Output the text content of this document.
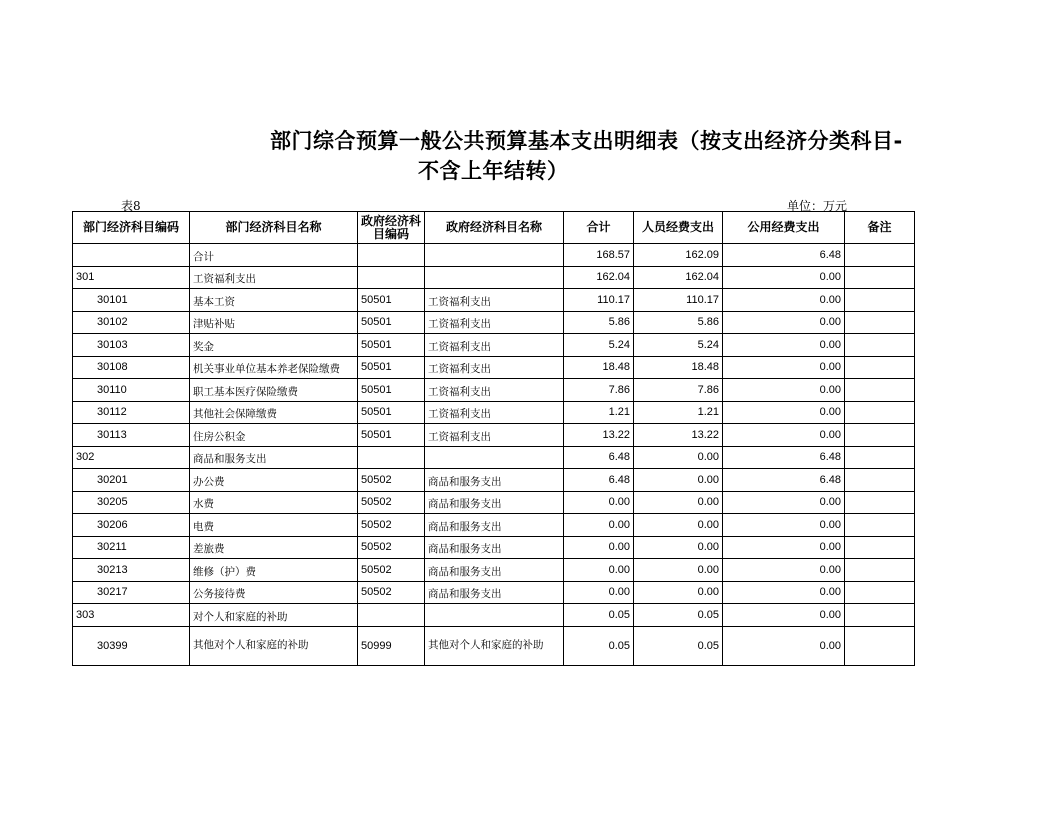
部门综合预算一般公共预算基本支出明细表（按支出经济分类科目-
不含上年结转）
表8	单位：万元
部门经济科目编码	部门经济科目名称	政府经济科目编码	政府经济科目名称	合计	人员经费支出	公用经费支出	备注
	合计			168.57	162.09	6.48	
301	工资福利支出			162.04	162.04	0.00	
30101	基本工资	50501	工资福利支出	110.17	110.17	0.00	
30102	津贴补贴	50501	工资福利支出	5.86	5.86	0.00	
30103	奖金	50501	工资福利支出	5.24	5.24	0.00	
30108	机关事业单位基本养老保险缴费	50501	工资福利支出	18.48	18.48	0.00	
30110	职工基本医疗保险缴费	50501	工资福利支出	7.86	7.86	0.00	
30112	其他社会保障缴费	50501	工资福利支出	1.21	1.21	0.00	
30113	住房公积金	50501	工资福利支出	13.22	13.22	0.00	
302	商品和服务支出			6.48	0.00	6.48	
30201	办公费	50502	商品和服务支出	6.48	0.00	6.48	
30205	水费	50502	商品和服务支出	0.00	0.00	0.00	
30206	电费	50502	商品和服务支出	0.00	0.00	0.00	
30211	差旅费	50502	商品和服务支出	0.00	0.00	0.00	
30213	维修（护）费	50502	商品和服务支出	0.00	0.00	0.00	
30217	公务接待费	50502	商品和服务支出	0.00	0.00	0.00	
303	对个人和家庭的补助			0.05	0.05	0.00	
30399	其他对个人和家庭的补助	50999	其他对个人和家庭的补助	0.05	0.05	0.00	
